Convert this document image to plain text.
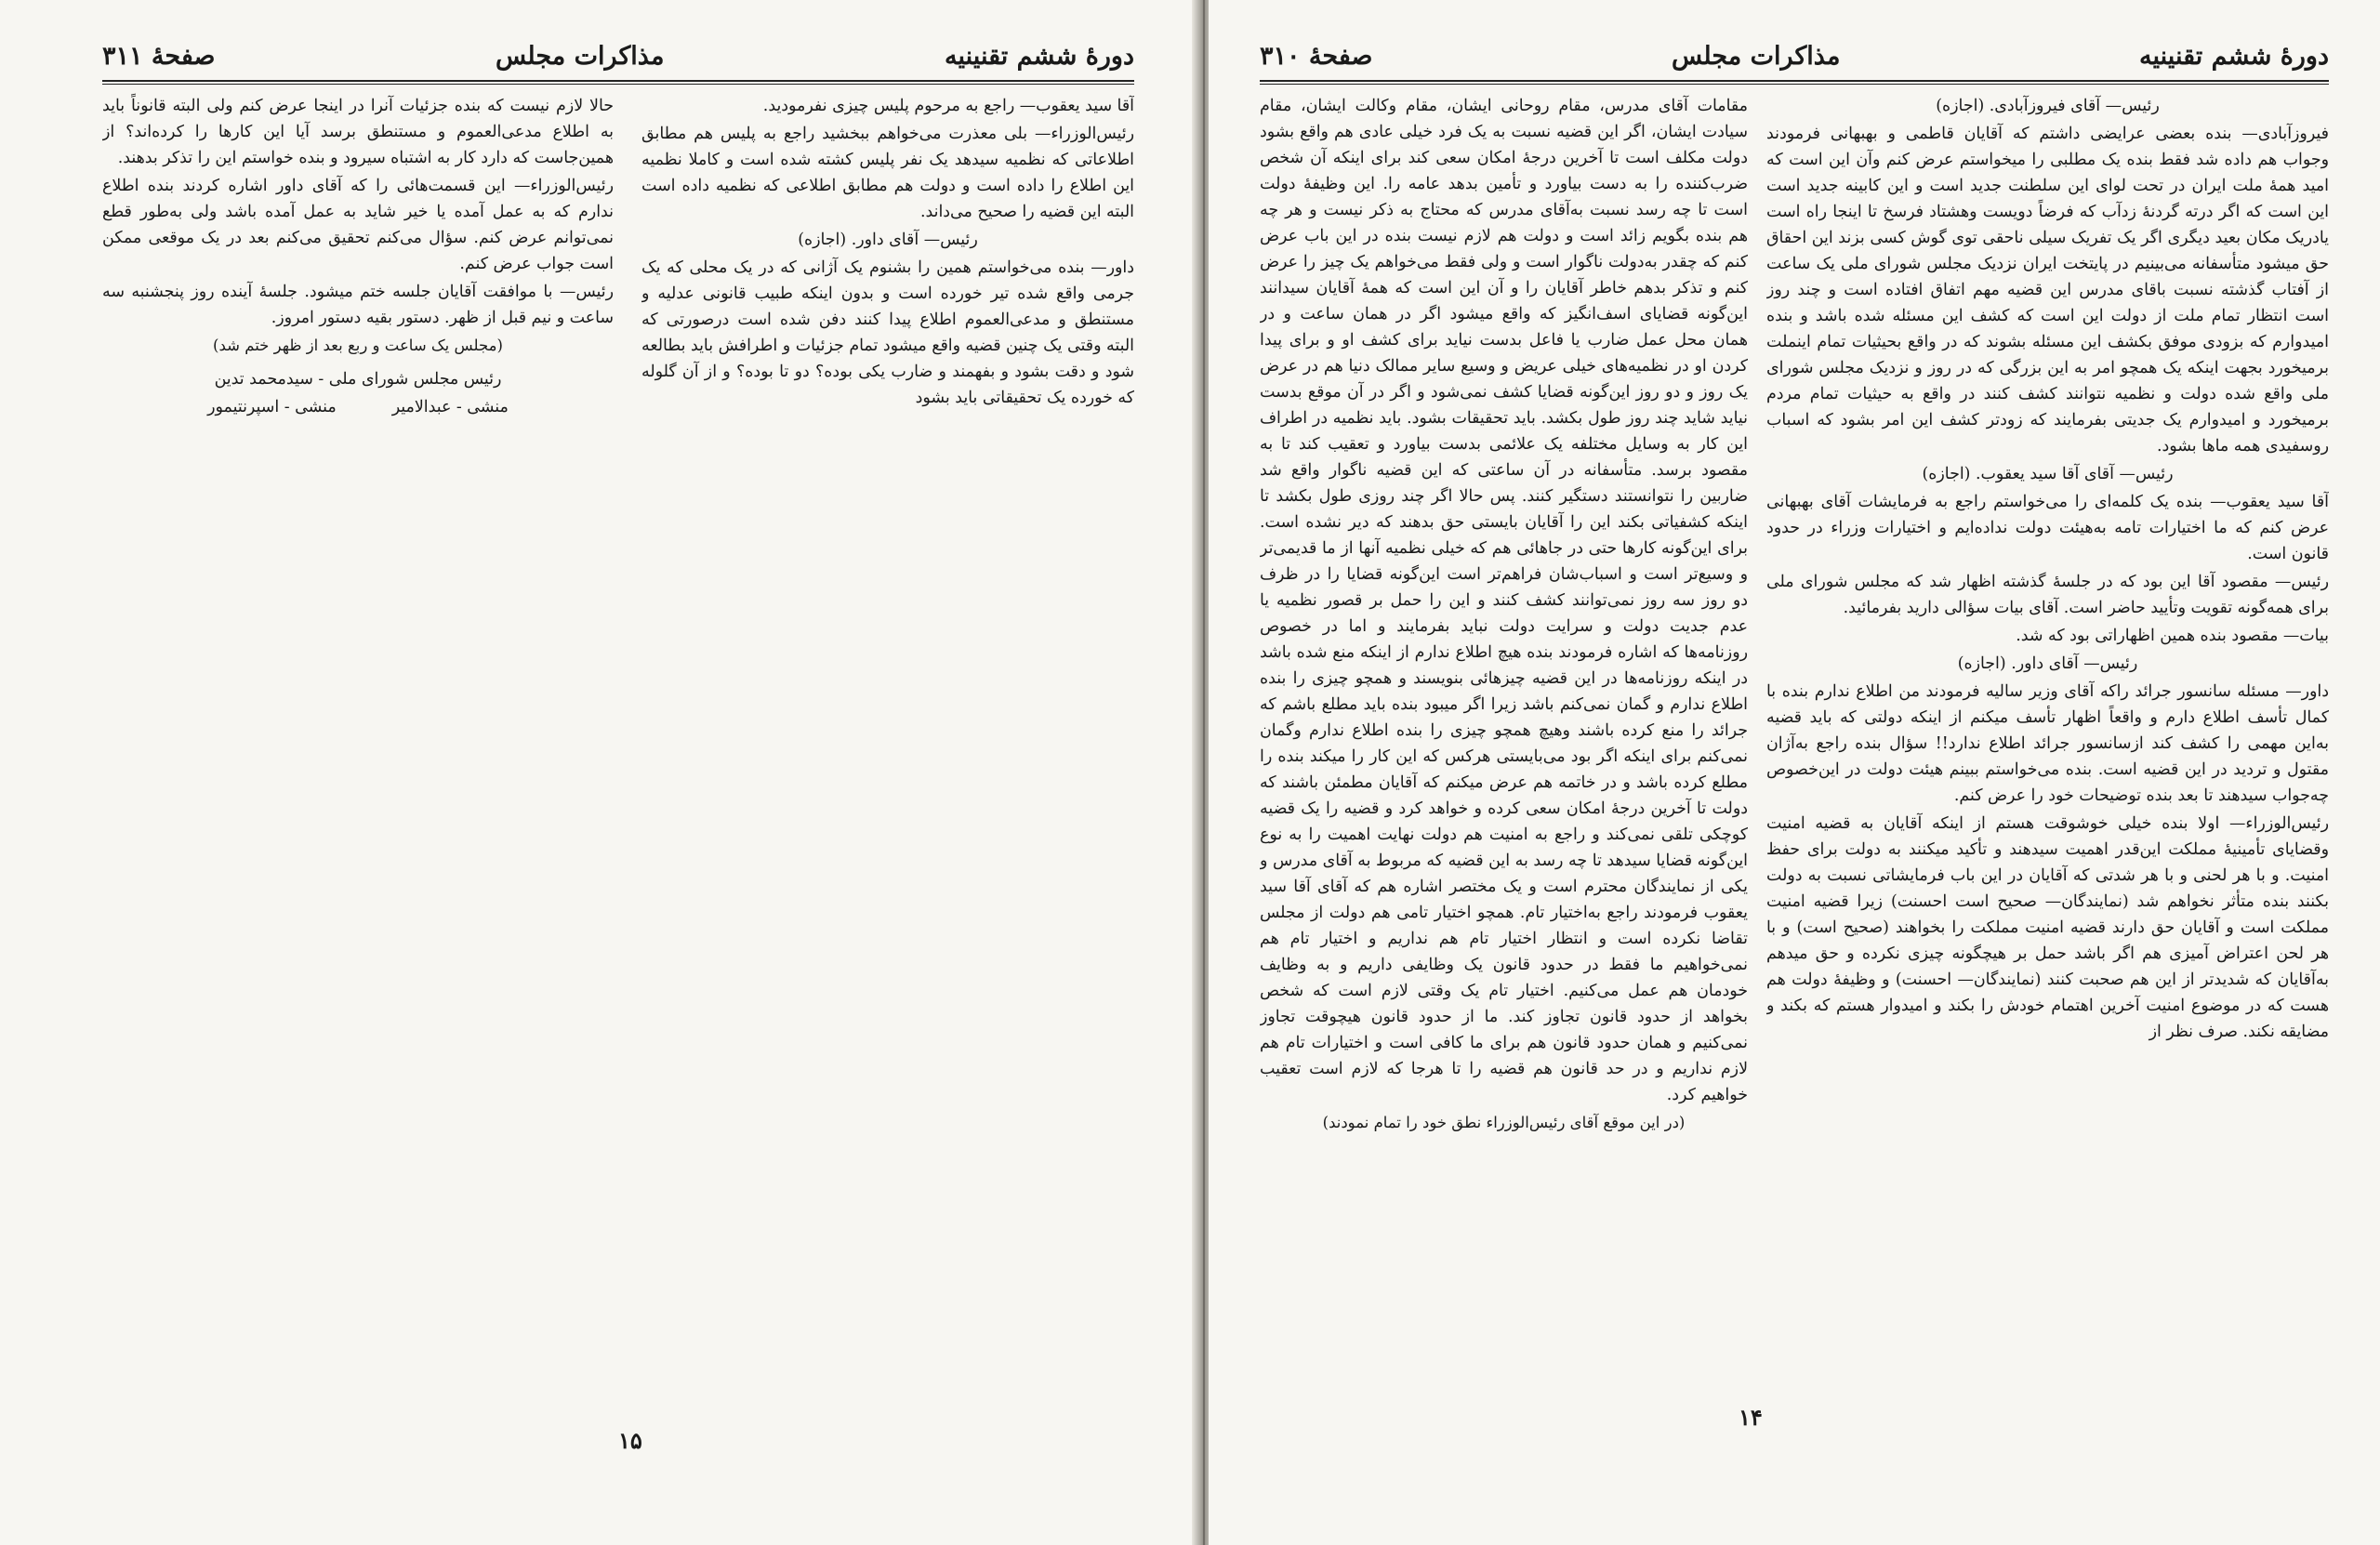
دورهٔ ششم تقنینیه
مذاکرات مجلس
صفحهٔ ۳۱۱

آقا سید یعقوب— راجع به مرحوم پلیس چیزی نفرمودید.

رئیس‌الوزراء— بلی معذرت می‌خواهم ببخشید راجع به پلیس هم مطابق اطلاعاتی که نظمیه سیدهد یک نفر پلیس کشته شده است و کاملا نظمیه این اطلاع را داده است و دولت هم مطابق اطلاعی که نظمیه داده است البته این قضیه را صحیح می‌داند.

رئیس— آقای داور. (اجازه)

داور— بنده می‌خواستم همین را بشنوم یک آژانی که در یک محلی که یک جرمی واقع شده تیر خورده است و بدون اینکه طبیب قانونی عدلیه و مستنطق و مدعی‌العموم اطلاع پیدا کنند دفن شده است درصورتی که البته وقتی یک چنین قضیه واقع میشود تمام جزئیات و اطرافش باید بطالعه شود و دقت بشود و بفهمند و ضارب یکی بوده؟ دو تا بوده؟ و از آن گلوله که خورده یک تحقیقاتی باید بشود

حالا لازم نیست که بنده جزئیات آنرا در اینجا عرض کنم ولی البته قانوناً باید به اطلاع مدعی‌العموم و مستنطق برسد آیا این کارها را کرده‌اند؟ از همین‌جاست که دارد کار به اشتباه سیرود و بنده خواستم این را تذکر بدهند.

رئیس‌الوزراء— این قسمت‌هائی را که آقای داور اشاره کردند بنده اطلاع ندارم که به عمل آمده یا خیر شاید به عمل آمده باشد ولی به‌طور قطع نمی‌توانم عرض کنم. سؤال می‌کنم تحقیق می‌کنم بعد در یک موقعی ممکن است جواب عرض کنم.

رئیس— با موافقت آقایان جلسه ختم میشود. جلسهٔ آینده روز پنجشنبه سه ساعت و نیم قبل از ظهر. دستور بقیه دستور امروز.

(مجلس یک ساعت و ربع بعد از ظهر ختم شد)

رئیس مجلس شورای ملی - سیدمحمد تدین
منشی - عبدالامیر
منشی - اسپرنتیمور
۱۵
دورهٔ ششم تقنینیه
مذاکرات مجلس
صفحهٔ ۳۱۰

رئیس— آقای فیروزآبادی. (اجازه)

فیروزآبادی— بنده بعضی عرایضی داشتم که آقایان قاطمی و بهبهانی فرمودند وجواب هم داده شد فقط بنده یک مطلبی را میخواستم عرض کنم وآن این است که امید همهٔ ملت ایران در تحت لوای این سلطنت جدید است و این کابینه جدید است این است که اگر درته گردنهٔ زدآب که فرضاً دویست وهشتاد فرسخ تا اینجا راه است یادریک مکان بعید دیگری اگر یک تفریک سیلی ناحقی توی گوش کسی بزند این احقاق حق میشود متأسفانه می‌بینیم در پایتخت ایران نزدیک مجلس شورای ملی یک ساعت از آفتاب گذشته نسبت باقای مدرس این قضیه مهم اتفاق افتاده است و چند روز است انتظار تمام ملت از دولت این است که کشف این مسئله شده باشد و بنده امیدوارم که بزودی موفق بکشف این مسئله بشوند که در واقع بحیثیات تمام اینملت برمیخورد بجهت اینکه یک همچو امر به این بزرگی که در روز و نزدیک مجلس شورای ملی واقع شده دولت و نظمیه نتوانند کشف کنند در واقع به حیثیات تمام مردم برمیخورد و امیدوارم یک جدیتی بفرمایند که زودتر کشف این امر بشود که اسباب رو‌سفیدی همه ماها بشود.

رئیس— آقای آقا سید یعقوب. (اجازه)

آقا سید یعقوب— بنده یک کلمه‌ای را می‌خواستم راجع به فرمایشات آقای بهبهانی عرض کنم که ما اختیارات تامه به‌هیئت دولت نداده‌ایم و اختیارات وزراء در حدود قانون است.

رئیس— مقصود آقا این بود که در جلسهٔ گذشته اظهار شد که مجلس شورای ملی برای همه‌گونه تقویت وتأیید حاضر است. آقای بیات سؤالی دارید بفرمائید.

بیات— مقصود بنده همین اظهاراتی بود که شد.

رئیس— آقای داور. (اجازه)

داور— مسئله سانسور جرائد راکه آقای وزیر ساليه فرمودند من اطلاع ندارم بنده با کمال تأسف اطلاع دارم و واقعاً اظهار تأسف میکنم از اینکه دولتی که باید قضیه به‌این مهمی را کشف کند ازسانسور جرائد اطلاع ندارد!! سؤال بنده راجع به‌آژان مقتول و تردید در این قضیه است. بنده می‌خواستم ببینم هیئت دولت در این‌خصوص چه‌جواب سیدهند تا بعد بنده توضیحات خود را عرض کنم.

رئیس‌الوزراء— اولا بنده خیلی خوشوقت هستم از اینکه آقایان به قضیه امنیت وقضایای تأمینیهٔ مملکت این‌قدر اهمیت سیدهند و تأکید میکنند به دولت برای حفظ امنیت. و با هر لحنی و با هر شدتی که آقایان در این باب فرمایشاتی نسبت به دولت بکنند بنده متأثر نخواهم شد (نمایندگان— صحیح است احسنت) زیرا قضیه امنیت مملکت است و آقایان حق دارند قضیه امنیت مملکت را بخواهند (صحیح است) و با هر لحن اعتراض آمیزی هم اگر باشد حمل بر هیچگونه چیزی نکرده و حق میدهم به‌آقایان که شدیدتر از این هم صحبت کنند (نمایندگان— احسنت) و وظیفهٔ دولت هم هست که در موضوع امنیت آخرین اهتمام خودش را بکند و امیدوار هستم که بکند و مضایقه نکند. صرف نظر از

مقامات آقای مدرس، مقام روحانی ایشان، مقام وکالت ایشان، مقام سیادت ایشان، اگر این قضیه نسبت به یک فرد خیلی عادی هم واقع بشود دولت مکلف است تا آخرین درجهٔ امکان سعی کند برای اینکه آن شخص ضرب‌کننده را به دست بیاورد و تأمین بدهد عامه را. این وظیفهٔ دولت است تا چه رسد نسبت به‌آقای مدرس که محتاج به ذکر نیست و هر چه هم بنده بگویم زائد است و دولت هم لازم نیست بنده در این باب عرض کنم که چقدر به‌دولت ناگوار است و ولی فقط می‌خواهم یک چیز را عرض کنم و تذکر بدهم خاطر آقایان را و آن این است که همهٔ آقایان سیدانند این‌گونه قضایای اسف‌انگیز که واقع میشود اگر در همان ساعت و در همان محل عمل ضارب یا فاعل بدست نیاید برای کشف او و برای پیدا کردن او در نظمیه‌های خیلی عریض و وسیع سایر ممالک دنیا هم در عرض یک روز و دو روز این‌گونه قضایا کشف نمی‌شود و اگر در آن موقع بدست نیاید شاید چند روز طول بکشد. باید تحقیقات بشود. باید نظمیه در اطراف این کار به وسایل مختلفه یک علائمی بدست بیاورد و تعقیب کند تا به مقصود برسد. متأسفانه در آن ساعتی که این قضیه ناگوار واقع شد ضاربین را نتوانستند دستگیر کنند. پس حالا اگر چند روزی طول بکشد تا اینکه کشفیاتی بکند این را آقایان بایستی حق بدهند که دیر نشده است. برای این‌گونه کارها حتی در جاهائی هم که خیلی نظمیه آنها از ما قدیمی‌تر و وسیع‌تر است و اسباب‌شان فراهم‌تر است این‌گونه قضایا را در ظرف دو روز سه روز نمی‌توانند کشف کنند و این را حمل بر قصور نظمیه یا عدم جدیت دولت و سرایت دولت نباید بفرمایند و اما در خصوص روزنامه‌ها که اشاره فرمودند بنده هیچ اطلاع ندارم از اینکه منع شده باشد در اینکه روزنامه‌ها در این قضیه چیزهائی بنویسند و همچو چیزی را بنده اطلاع ندارم و گمان نمی‌کنم باشد زیرا اگر میبود بنده باید مطلع باشم که جرائد را منع کرده باشند وهیچ همچو چیزی را بنده اطلاع ندارم وگمان نمی‌کنم برای اینکه اگر بود می‌بایستی هرکس که این کار را میکند بنده را مطلع کرده باشد و در خاتمه هم عرض میکنم که آقایان مطمئن باشند که دولت تا آخرین درجهٔ امکان سعی کرده و خواهد کرد و قضیه را یک قضیه کوچکی تلقی نمی‌کند و راجع به امنیت هم دولت نهایت اهمیت را به نوع این‌گونه قضایا سیدهد تا چه رسد به این قضیه که مربوط به آقای مدرس و یکی از نمایندگان محترم است و یک مختصر اشاره هم که آقای آقا سید یعقوب فرمودند راجع به‌اختیار تام. همچو اختیار تامی هم دولت از مجلس تقاضا نکرده است و انتظار اختیار تام هم نداریم و اختیار تام هم نمی‌خواهیم ما فقط در حدود قانون یک وظایفی داریم و به وظایف خودمان هم عمل می‌کنیم. اختیار تام یک وقتی لازم است که شخص بخواهد از حدود قانون تجاوز کند. ما از حدود قانون هیچوقت تجاوز نمی‌کنیم و همان حدود قانون هم برای ما کافی است و اختیارات تام هم لازم نداریم و در حد قانون هم قضیه را تا هرجا که لازم است تعقیب خواهیم کرد.

(در این موقع آقای رئیس‌الوزراء نطق خود را تمام نمودند)

۱۴
